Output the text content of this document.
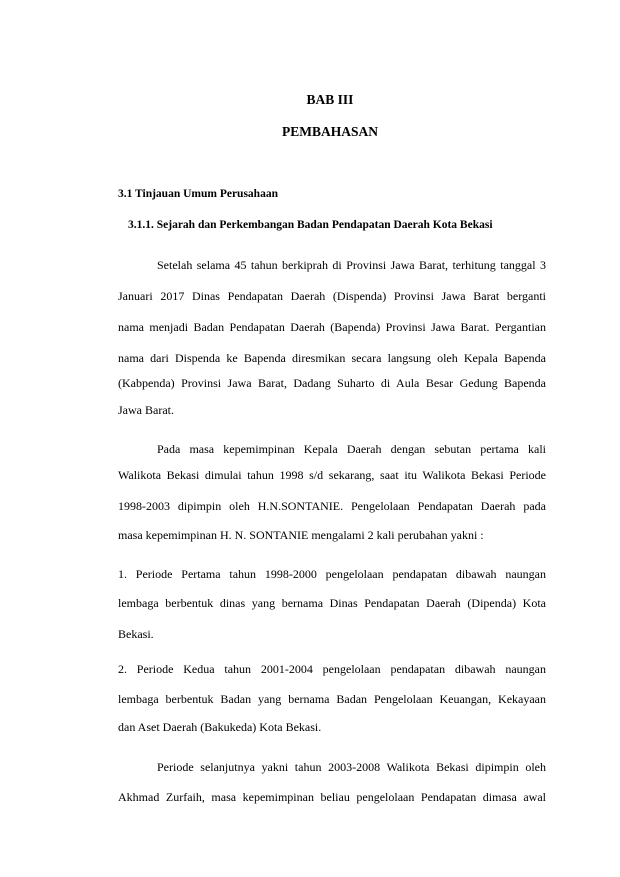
BAB III
PEMBAHASAN
3.1 Tinjauan Umum Perusahaan
3.1.1. Sejarah dan Perkembangan Badan Pendapatan Daerah Kota Bekasi
Setelah selama 45 tahun berkiprah di Provinsi Jawa Barat, terhitung tanggal 3
Januari 2017 Dinas Pendapatan Daerah (Dispenda) Provinsi Jawa Barat berganti
nama menjadi Badan Pendapatan Daerah (Bapenda) Provinsi Jawa Barat. Pergantian
nama dari Dispenda ke Bapenda diresmikan secara langsung oleh Kepala Bapenda
(Kabpenda) Provinsi Jawa Barat, Dadang Suharto di Aula Besar Gedung Bapenda
Jawa Barat.
Pada masa kepemimpinan Kepala Daerah dengan sebutan pertama kali
Walikota Bekasi dimulai tahun 1998 s/d sekarang, saat itu Walikota Bekasi Periode
1998-2003 dipimpin oleh H.N.SONTANIE. Pengelolaan Pendapatan Daerah pada
masa kepemimpinan H. N. SONTANIE mengalami 2 kali perubahan yakni :
1. Periode Pertama tahun 1998-2000 pengelolaan pendapatan dibawah naungan
lembaga berbentuk dinas yang bernama Dinas Pendapatan Daerah (Dipenda) Kota
Bekasi.
2. Periode Kedua tahun 2001-2004 pengelolaan pendapatan dibawah naungan
lembaga berbentuk Badan yang bernama Badan Pengelolaan Keuangan, Kekayaan
dan Aset Daerah (Bakukeda) Kota Bekasi.
Periode selanjutnya yakni tahun 2003-2008 Walikota Bekasi dipimpin oleh
Akhmad Zurfaih, masa kepemimpinan beliau pengelolaan Pendapatan dimasa awal
